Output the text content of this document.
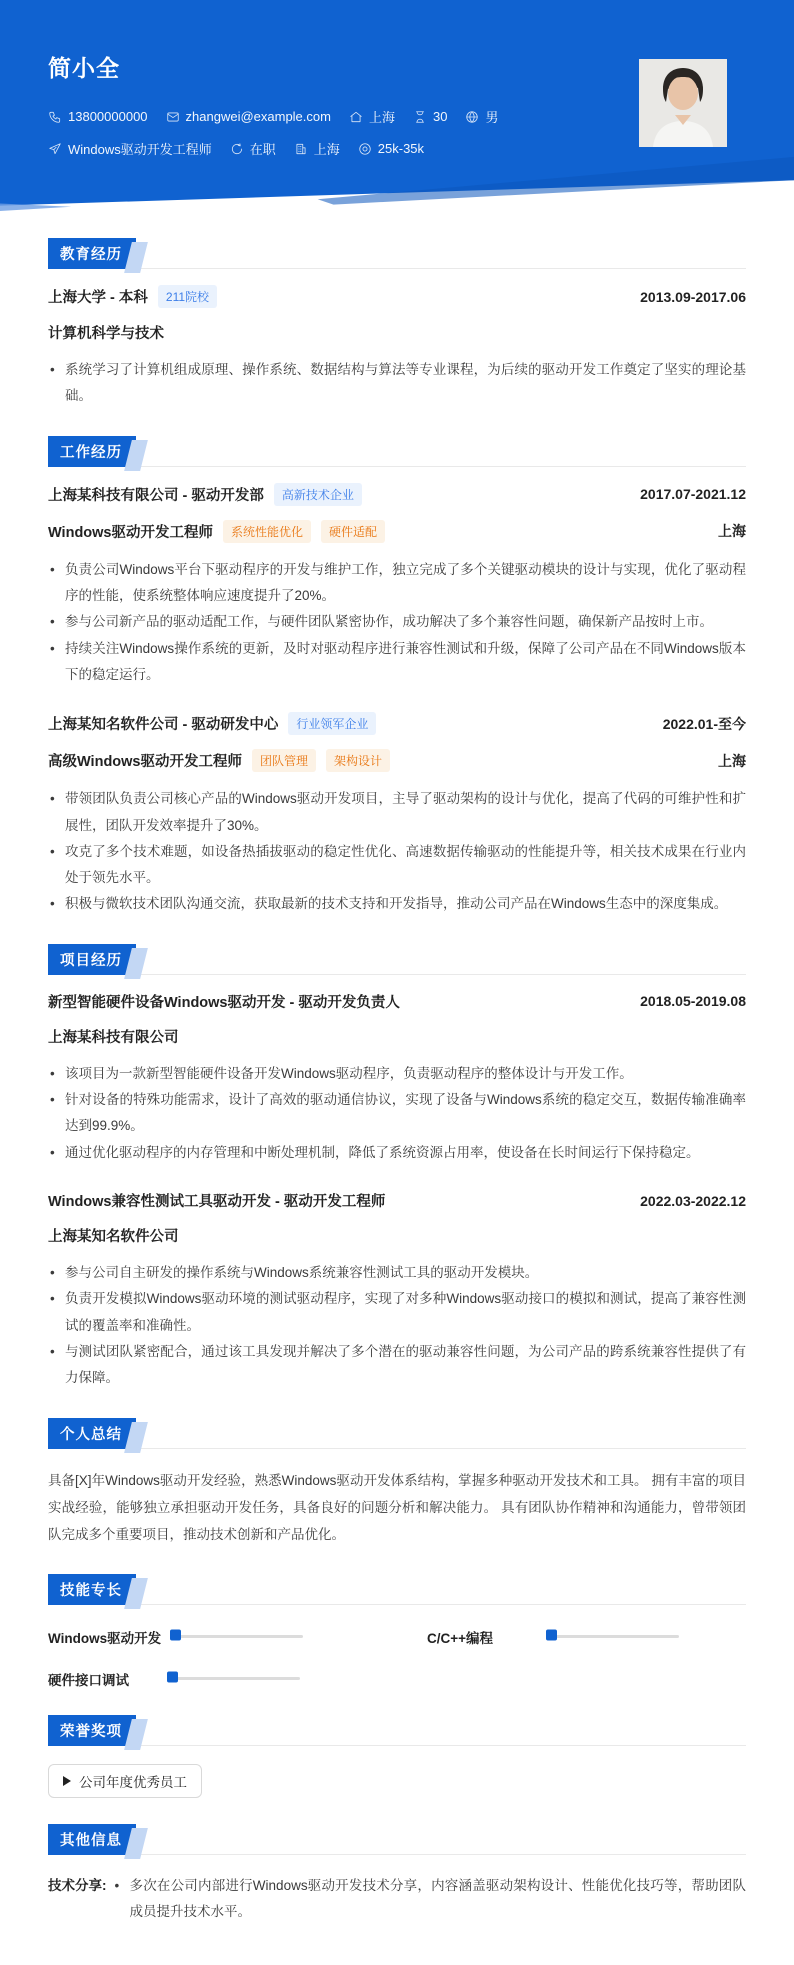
简小全
13800000000	zhangwei@example.com	上海	30	男
Windows驱动开发工程师	在职	上海	25k-35k
教育经历
上海大学 - 本科	211院校	2013.09-2017.06
计算机科学与技术
• 系统学习了计算机组成原理、操作系统、数据结构与算法等专业课程，为后续的驱动开发工作奠定了坚实的理论基础。
工作经历
上海某科技有限公司 - 驱动开发部	高新技术企业	2017.07-2021.12
Windows驱动开发工程师	系统性能优化	硬件适配	上海
• 负责公司Windows平台下驱动程序的开发与维护工作，独立完成了多个关键驱动模块的设计与实现，优化了驱动程序的性能，使系统整体响应速度提升了20%。
• 参与公司新产品的驱动适配工作，与硬件团队紧密协作，成功解决了多个兼容性问题，确保新产品按时上市。
• 持续关注Windows操作系统的更新，及时对驱动程序进行兼容性测试和升级，保障了公司产品在不同Windows版本下的稳定运行。
上海某知名软件公司 - 驱动研发中心	行业领军企业	2022.01-至今
高级Windows驱动开发工程师	团队管理	架构设计	上海
• 带领团队负责公司核心产品的Windows驱动开发项目，主导了驱动架构的设计与优化，提高了代码的可维护性和扩展性，团队开发效率提升了30%。
• 攻克了多个技术难题，如设备热插拔驱动的稳定性优化、高速数据传输驱动的性能提升等，相关技术成果在行业内处于领先水平。
• 积极与微软技术团队沟通交流，获取最新的技术支持和开发指导，推动公司产品在Windows生态中的深度集成。
项目经历
新型智能硬件设备Windows驱动开发 - 驱动开发负责人	2018.05-2019.08
上海某科技有限公司
• 该项目为一款新型智能硬件设备开发Windows驱动程序，负责驱动程序的整体设计与开发工作。
• 针对设备的特殊功能需求，设计了高效的驱动通信协议，实现了设备与Windows系统的稳定交互，数据传输准确率达到99.9%。
• 通过优化驱动程序的内存管理和中断处理机制，降低了系统资源占用率，使设备在长时间运行下保持稳定。
Windows兼容性测试工具驱动开发 - 驱动开发工程师	2022.03-2022.12
上海某知名软件公司
• 参与公司自主研发的操作系统与Windows系统兼容性测试工具的驱动开发模块。
• 负责开发模拟Windows驱动环境的测试驱动程序，实现了对多种Windows驱动接口的模拟和测试，提高了兼容性测试的覆盖率和准确性。
• 与测试团队紧密配合，通过该工具发现并解决了多个潜在的驱动兼容性问题，为公司产品的跨系统兼容性提供了有力保障。
个人总结

具备[X]年Windows驱动开发经验，熟悉Windows驱动开发体系结构，掌握多种驱动开发技术和工具。 拥有丰富的项目实战经验，能够独立承担驱动开发任务，具备良好的问题分析和解决能力。 具有团队协作精神和沟通能力，曾带领团队完成多个重要项目，推动技术创新和产品优化。

技能专长
Windows驱动开发	C/C++编程
硬件接口调试
荣誉奖项
公司年度优秀员工
其他信息
技术分享:	• 多次在公司内部进行Windows驱动开发技术分享，内容涵盖驱动架构设计、性能优化技巧等，帮助团队成员提升技术水平。
